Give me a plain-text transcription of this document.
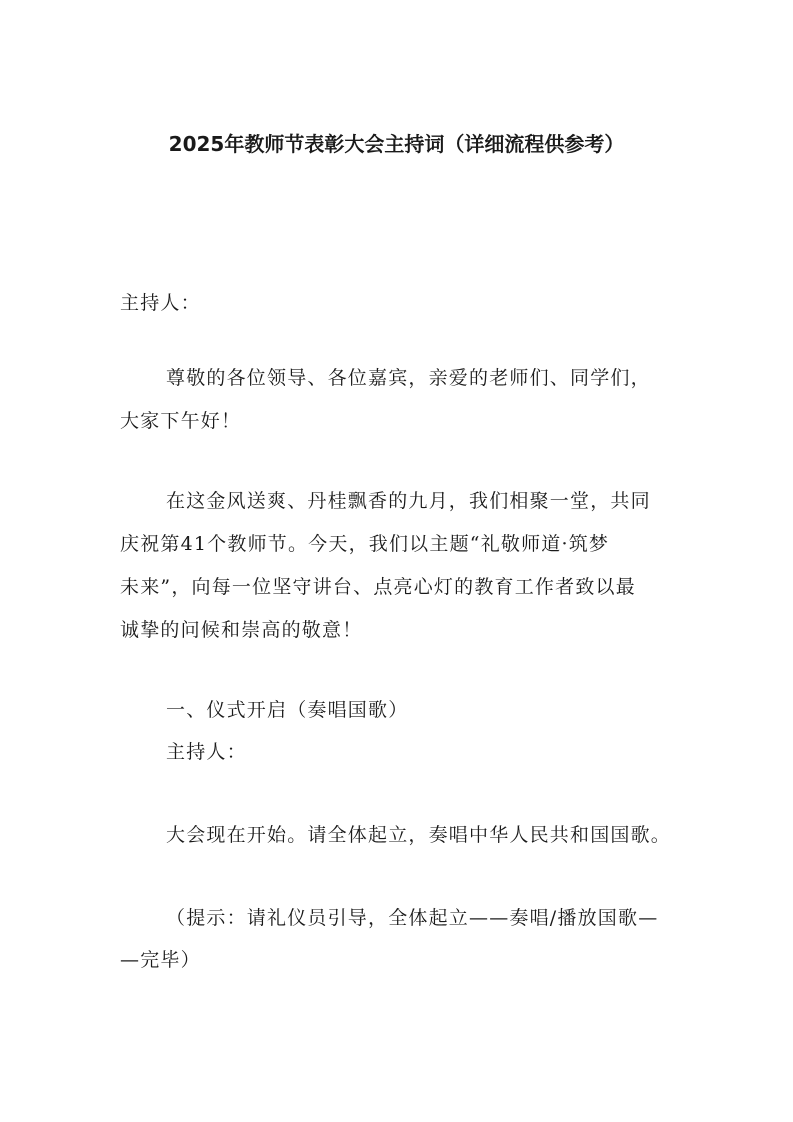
2025年教师节表彰大会主持词（详细流程供参考）
主持人：
尊敬的各位领导、各位嘉宾，亲爱的老师们、同学们，
大家下午好！
在这金风送爽、丹桂飘香的九月，我们相聚一堂，共同
庆祝第41个教师节。今天，我们以主题“礼敬师道·筑梦
未来”，向每一位坚守讲台、点亮心灯的教育工作者致以最
诚挚的问候和崇高的敬意！
一、仪式开启（奏唱国歌）
主持人：
大会现在开始。请全体起立，奏唱中华人民共和国国歌。
（提示：请礼仪员引导，全体起立——奏唱/播放国歌—
—完毕）
